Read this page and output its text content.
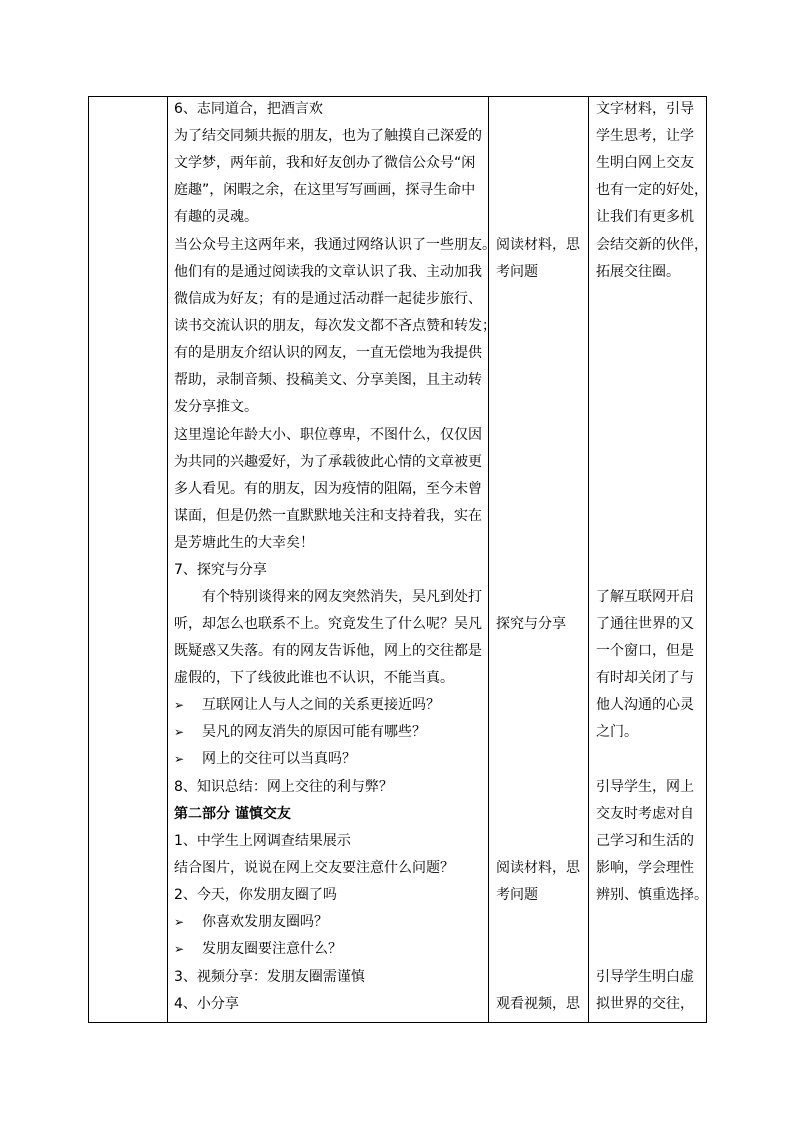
6、志同道合，把酒言欢
为了结交同频共振的朋友，也为了触摸自己深爱的
文学梦，两年前，我和好友创办了微信公众号“闲
庭趣”，闲暇之余，在这里写写画画，探寻生命中
有趣的灵魂。
当公众号主这两年来，我通过网络认识了一些朋友。
他们有的是通过阅读我的文章认识了我、主动加我
微信成为好友；有的是通过活动群一起徒步旅行、
读书交流认识的朋友，每次发文都不吝点赞和转发；
有的是朋友介绍认识的网友，一直无偿地为我提供
帮助，录制音频、投稿美文、分享美图，且主动转
发分享推文。
这里遑论年龄大小、职位尊卑，不图什么，仅仅因
为共同的兴趣爱好，为了承载彼此心情的文章被更
多人看见。有的朋友，因为疫情的阻隔，至今未曾
谋面，但是仍然一直默默地关注和支持着我，实在
是芳塘此生的大幸矣！
7、探究与分享
有个特别谈得来的网友突然消失，吴凡到处打
听，却怎么也联系不上。究竟发生了什么呢？吴凡
既疑惑又失落。有的网友告诉他，网上的交往都是
虚假的，下了线彼此谁也不认识，不能当真。
➢ 互联网让人与人之间的关系更接近吗？
➢ 吴凡的网友消失的原因可能有哪些？
➢ 网上的交往可以当真吗？
8、知识总结：网上交往的利与弊？
第二部分 谨慎交友
1、中学生上网调查结果展示
结合图片，说说在网上交友要注意什么问题？
2、今天，你发朋友圈了吗
➢ 你喜欢发朋友圈吗？
➢ 发朋友圈要注意什么？
3、视频分享：发朋友圈需谨慎
4、小分享
阅读材料，思
考问题
探究与分享
阅读材料，思
考问题
观看视频，思
文字材料，引导
学生思考，让学
生明白网上交友
也有一定的好处，
让我们有更多机
会结交新的伙伴，
拓展交往圈。
了解互联网开启
了通往世界的又
一个窗口，但是
有时却关闭了与
他人沟通的心灵
之门。
引导学生，网上
交友时考虑对自
己学习和生活的
影响，学会理性
辨别、慎重选择。
引导学生明白虚
拟世界的交往，
